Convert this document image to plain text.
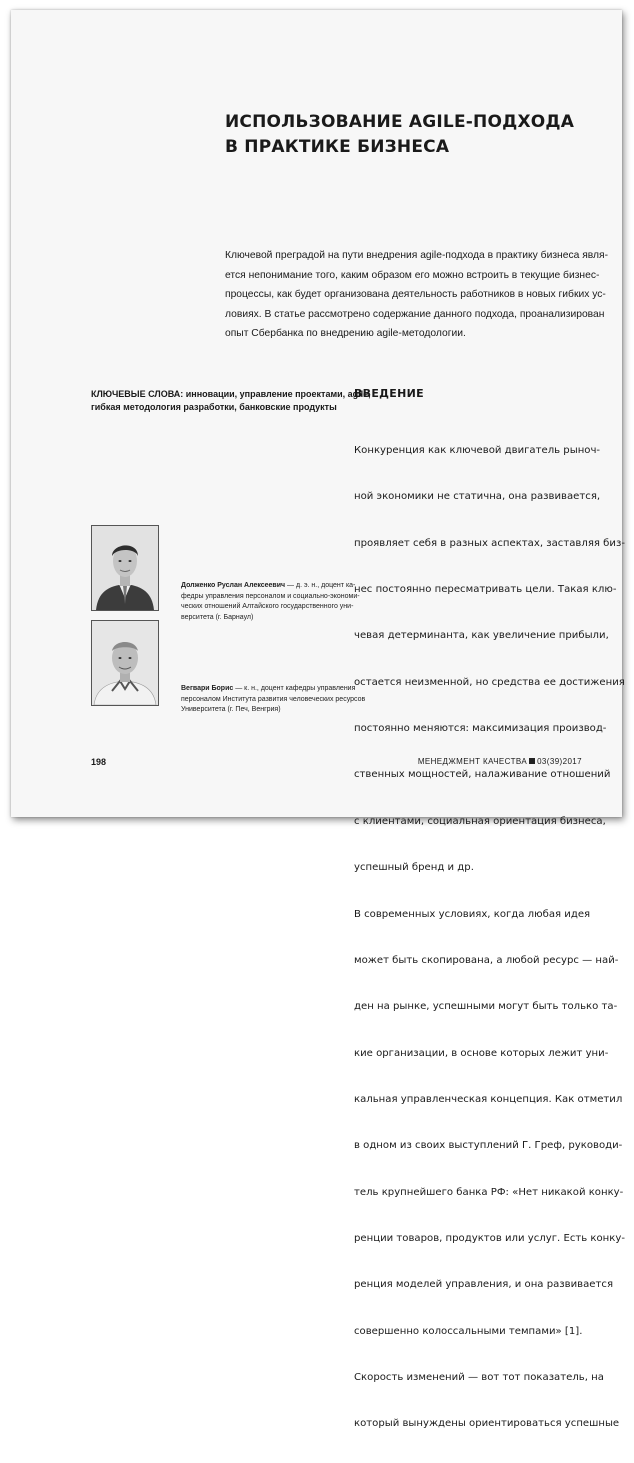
ИСПОЛЬЗОВАНИЕ AGILE-ПОДХОДА
В ПРАКТИКЕ БИЗНЕСА

Ключевой преградой на пути внедрения agile-подхода в практику бизнеса явля-
ется непонимание того, каким образом его можно встроить в текущие бизнес-
процессы, как будет организована деятельность работников в новых гибких ус-
ловиях. В статье рассмотрено содержание данного подхода, проанализирован
опыт Сбербанка по внедрению agile-методологии.

КЛЮЧЕВЫЕ СЛОВА: инновации, управление проектами, agile,
гибкая методология разработки, банковские продукты

ВВЕДЕНИЕ

Конкуренция как ключевой двигатель рыноч-

ной экономики не статична, она развивается,

проявляет себя в разных аспектах, заставляя биз-

нес постоянно пересматривать цели. Такая клю-

чевая детерминанта, как увеличение прибыли,

остается неизменной, но средства ее достижения

постоянно меняются: максимизация производ-

ственных мощностей, налаживание отношений

с клиентами, социальная ориентация бизнеса,

успешный бренд и др.

В современных условиях, когда любая идея

может быть скопирована, а любой ресурс — най-

ден на рынке, успешными могут быть только та-

кие организации, в основе которых лежит уни-

кальная управленческая концепция. Как отметил

в одном из своих выступлений Г. Греф, руководи-

тель крупнейшего банка РФ: «Нет никакой конку-

ренции товаров, продуктов или услуг. Есть конку-

ренция моделей управления, и она развивается

совершенно колоссальными темпами» [1].

Скорость изменений — вот тот показатель, на

который вынуждены ориентироваться успешные

Долженко Руслан Алексеевич — д. э. н., доцент ка-
федры управления персоналом и социально-экономи-
ческих отношений Алтайского государственного уни-
верситета (г. Барнаул)

Вегвари Борис — к. н., доцент кафедры управления
персоналом Института развития человеческих ресурсов
Университета (г. Печ, Венгрия)

198	МЕНЕДЖМЕНТ КАЧЕСТВА 03(39)2017
